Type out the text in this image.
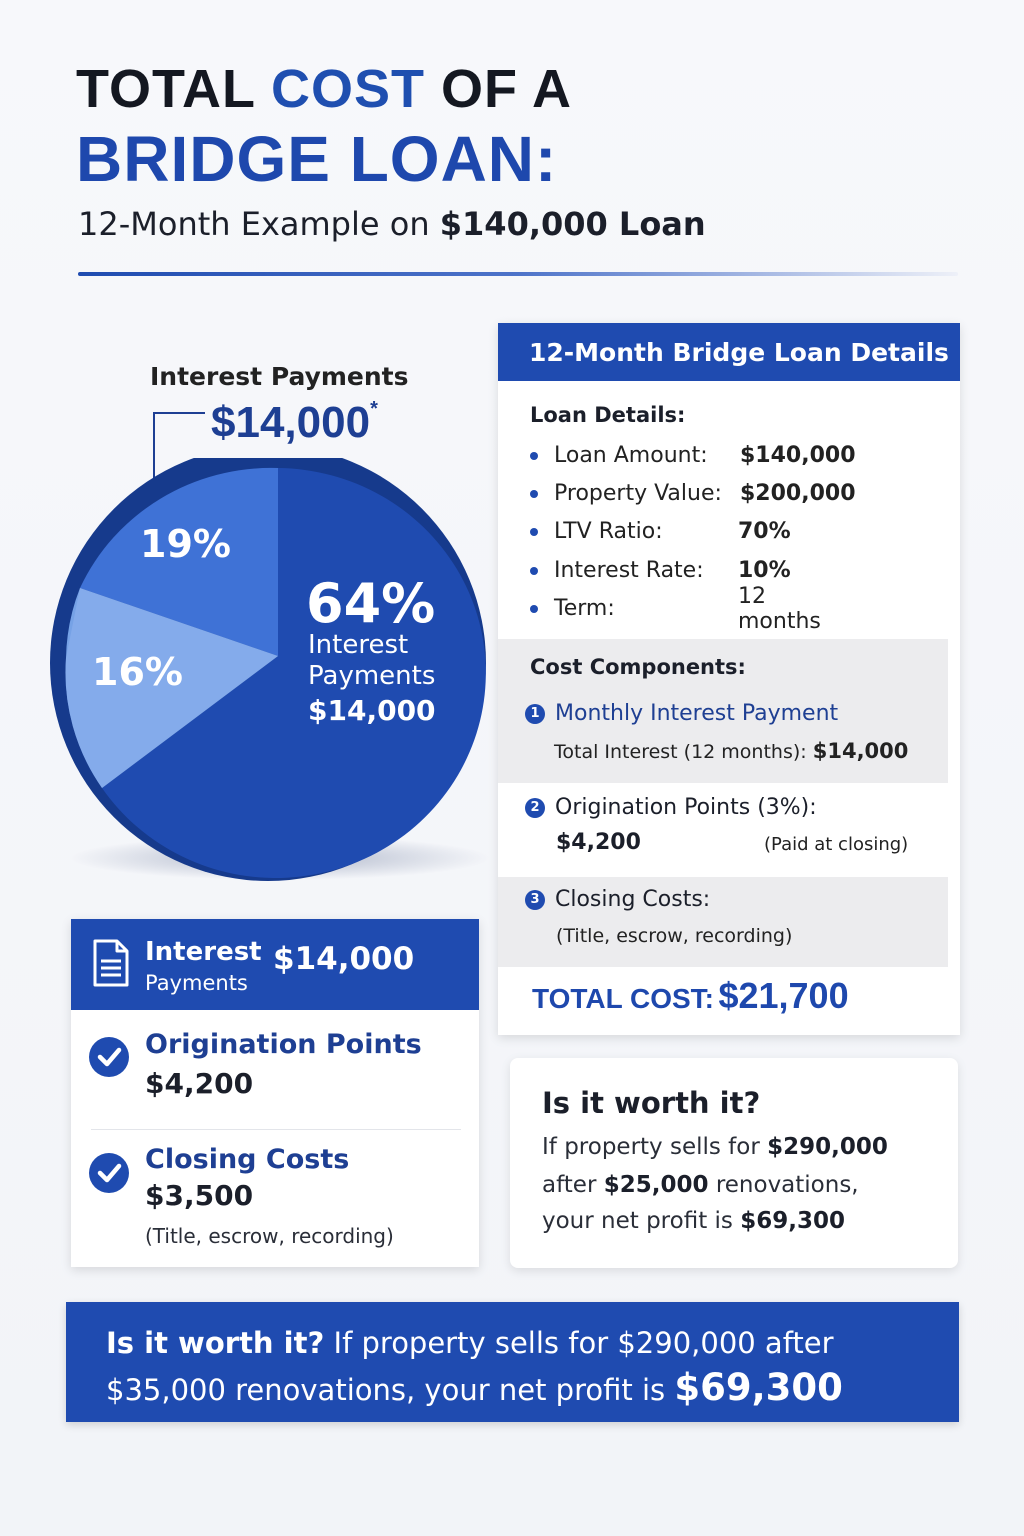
TOTAL COST OF A
BRIDGE LOAN:
12-Month Example on $140,000 Loan
Interest Payments
$14,000*
19%
16%
64%
Interest
Payments
$14,000
12-Month Bridge Loan Details
Loan Details:
Loan Amount: $140,000
Property Value: $200,000
LTV Ratio:	70%
Interest Rate: 10%
Term:	12 months
Cost Components:
1 Monthly Interest Payment
Total Interest (12 months): $14,000
2 Origination Points (3%):
$4,200	(Paid at closing)
3 Closing Costs:
(Title, escrow, recording)
TOTAL COST: $21,700
Interest
Payments
$14,000
Origination Points
$4,200
Closing Costs
$3,500
(Title, escrow, recording)
Is it worth it?
If property sells for $290,000
after $25,000 renovations,
your net profit is $69,300
Is it worth it? If property sells for $290,000 after
$35,000 renovations, your net profit is $69,300
